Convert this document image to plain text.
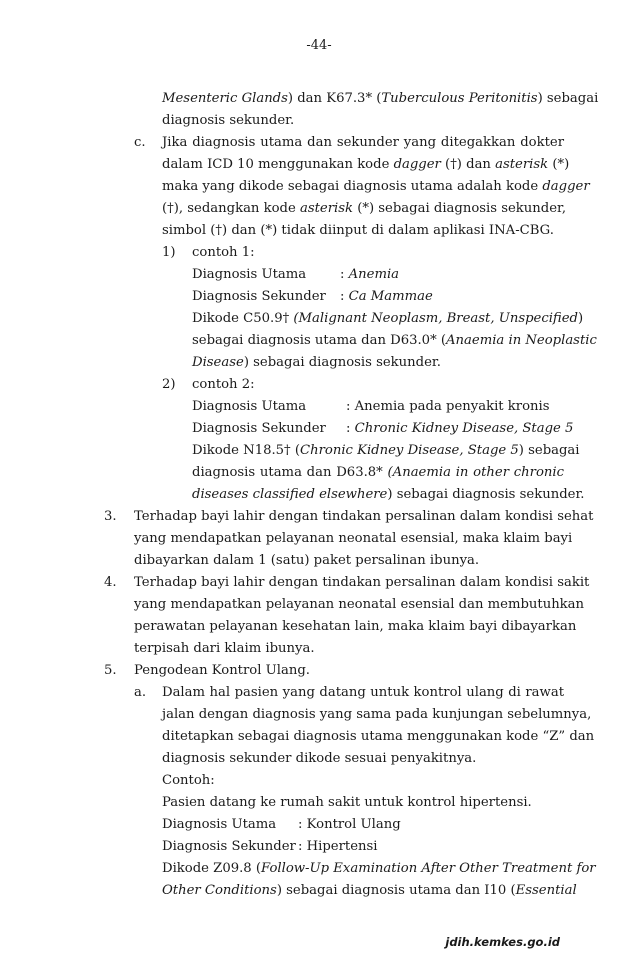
-44-
Mesenteric Glands) dan K67.3* (Tuberculous Peritonitis) sebagai
diagnosis sekunder.
c. Jika diagnosis utama dan sekunder yang ditegakkan dokter
dalam ICD 10 menggunakan kode dagger (†) dan asterisk (*)
maka yang dikode sebagai diagnosis utama adalah kode dagger
(†), sedangkan kode asterisk (*) sebagai diagnosis sekunder,
simbol (†) dan (*) tidak diinput di dalam aplikasi INA-CBG.
1) contoh 1:
Diagnosis Utama	: Anemia
Diagnosis Sekunder : Ca Mammae
Dikode C50.9† (Malignant Neoplasm, Breast, Unspecified)
sebagai diagnosis utama dan D63.0* (Anaemia in Neoplastic
Disease) sebagai diagnosis sekunder.
2) contoh 2:
Diagnosis Utama	: Anemia pada penyakit kronis
Diagnosis Sekunder : Chronic Kidney Disease, Stage 5
Dikode N18.5† (Chronic Kidney Disease, Stage 5) sebagai
diagnosis utama dan D63.8* (Anaemia in other chronic
diseases classified elsewhere) sebagai diagnosis sekunder.
3. Terhadap bayi lahir dengan tindakan persalinan dalam kondisi sehat
yang mendapatkan pelayanan neonatal esensial, maka klaim bayi
dibayarkan dalam 1 (satu) paket persalinan ibunya.
4. Terhadap bayi lahir dengan tindakan persalinan dalam kondisi sakit
yang mendapatkan pelayanan neonatal esensial dan membutuhkan
perawatan pelayanan kesehatan lain, maka klaim bayi dibayarkan
terpisah dari klaim ibunya.
5. Pengodean Kontrol Ulang.
a. Dalam hal pasien yang datang untuk kontrol ulang di rawat
jalan dengan diagnosis yang sama pada kunjungan sebelumnya,
ditetapkan sebagai diagnosis utama menggunakan kode “Z” dan
diagnosis sekunder dikode sesuai penyakitnya.
Contoh:
Pasien datang ke rumah sakit untuk kontrol hipertensi.
Diagnosis Utama : Kontrol Ulang
Diagnosis Sekunder : Hipertensi
Dikode Z09.8 (Follow-Up Examination After Other Treatment for
Other Conditions) sebagai diagnosis utama dan I10 (Essential
jdih.kemkes.go.id
